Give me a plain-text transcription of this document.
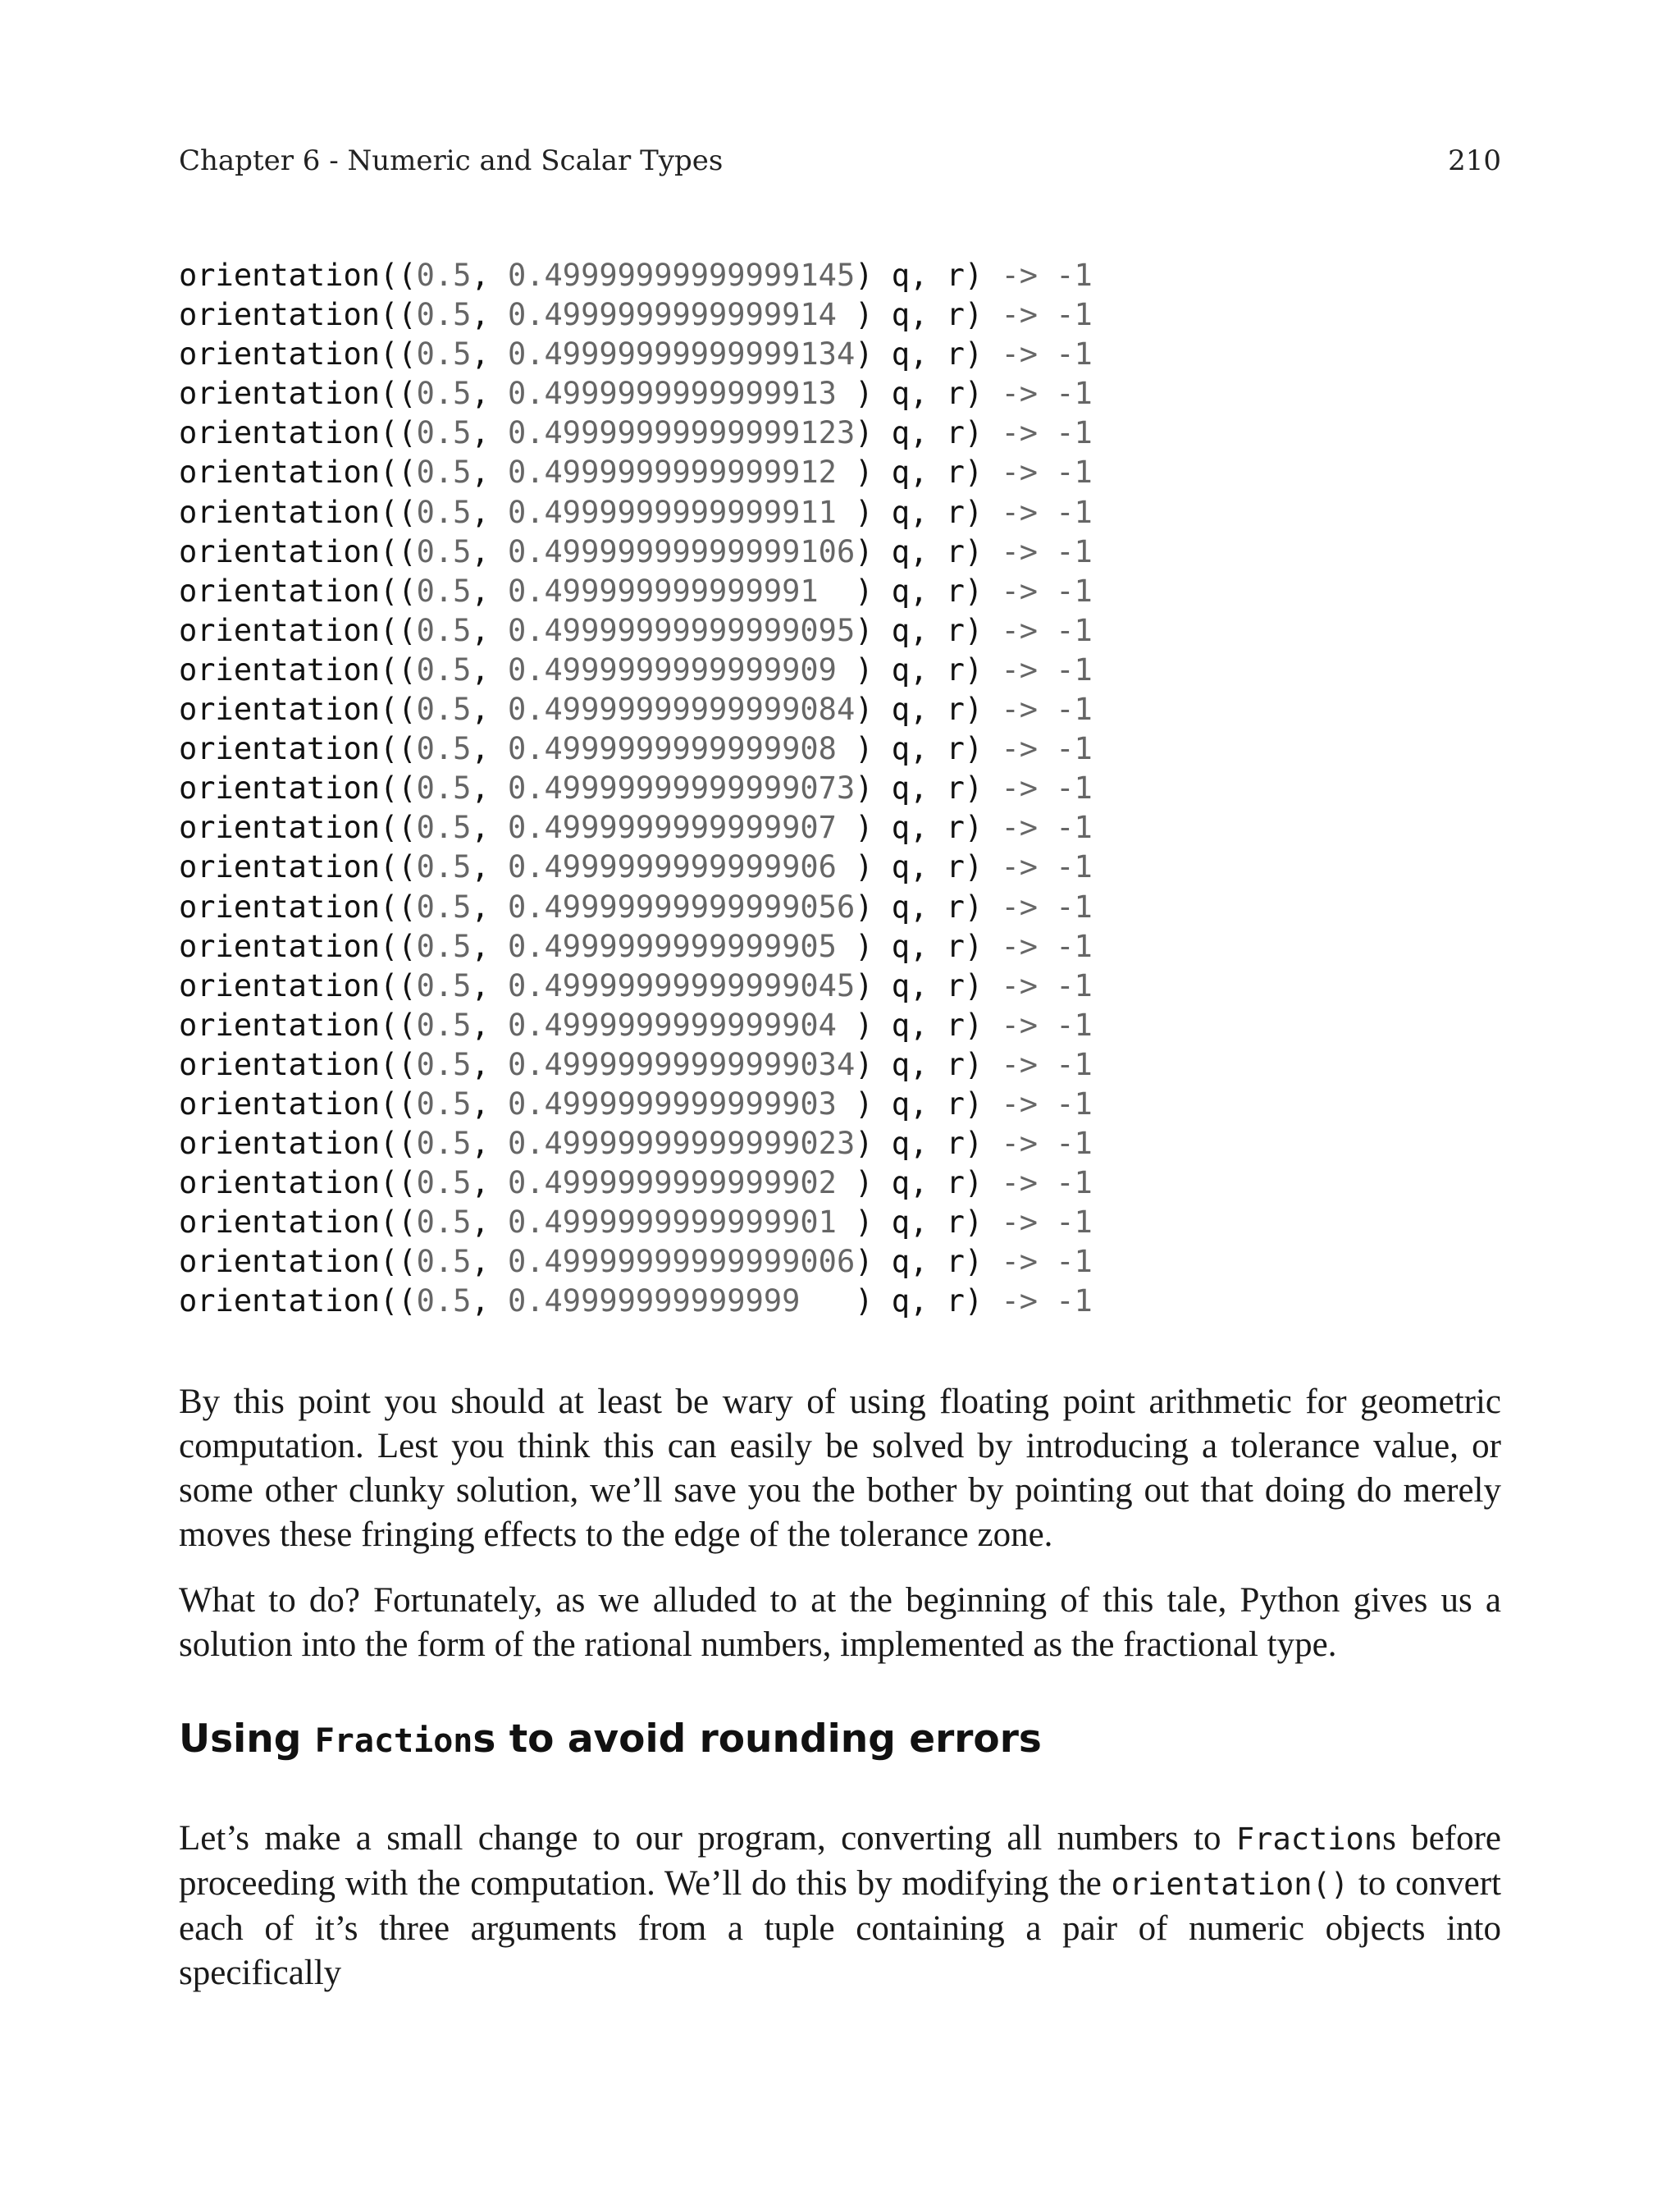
Chapter 6 - Numeric and Scalar Types	210
orientation((0.5, 0.49999999999999145) q, r) -> -1
orientation((0.5, 0.4999999999999914 ) q, r) -> -1
orientation((0.5, 0.49999999999999134) q, r) -> -1
orientation((0.5, 0.4999999999999913 ) q, r) -> -1
orientation((0.5, 0.49999999999999123) q, r) -> -1
orientation((0.5, 0.4999999999999912 ) q, r) -> -1
orientation((0.5, 0.4999999999999911 ) q, r) -> -1
orientation((0.5, 0.49999999999999106) q, r) -> -1
orientation((0.5, 0.499999999999991  ) q, r) -> -1
orientation((0.5, 0.49999999999999095) q, r) -> -1
orientation((0.5, 0.4999999999999909 ) q, r) -> -1
orientation((0.5, 0.49999999999999084) q, r) -> -1
orientation((0.5, 0.4999999999999908 ) q, r) -> -1
orientation((0.5, 0.49999999999999073) q, r) -> -1
orientation((0.5, 0.4999999999999907 ) q, r) -> -1
orientation((0.5, 0.4999999999999906 ) q, r) -> -1
orientation((0.5, 0.49999999999999056) q, r) -> -1
orientation((0.5, 0.4999999999999905 ) q, r) -> -1
orientation((0.5, 0.49999999999999045) q, r) -> -1
orientation((0.5, 0.4999999999999904 ) q, r) -> -1
orientation((0.5, 0.49999999999999034) q, r) -> -1
orientation((0.5, 0.4999999999999903 ) q, r) -> -1
orientation((0.5, 0.49999999999999023) q, r) -> -1
orientation((0.5, 0.4999999999999902 ) q, r) -> -1
orientation((0.5, 0.4999999999999901 ) q, r) -> -1
orientation((0.5, 0.49999999999999006) q, r) -> -1
orientation((0.5, 0.49999999999999   ) q, r) -> -1

By this point you should at least be wary of using floating point arithmetic for geometric computation. Lest you think this can easily be solved by introducing a tolerance value, or some other clunky solution, we’ll save you the bother by pointing out that doing do merely moves these fringing effects to the edge of the tolerance zone.

What to do? Fortunately, as we alluded to at the beginning of this tale, Python gives us a solution into the form of the rational numbers, implemented as the fractional type.

Using Fractions to avoid rounding errors

Let’s make a small change to our program, converting all numbers to Fractions before proceeding with the computation. We’ll do this by modifying the orientation() to convert each of it’s three arguments from a tuple containing a pair of numeric objects into specifically
